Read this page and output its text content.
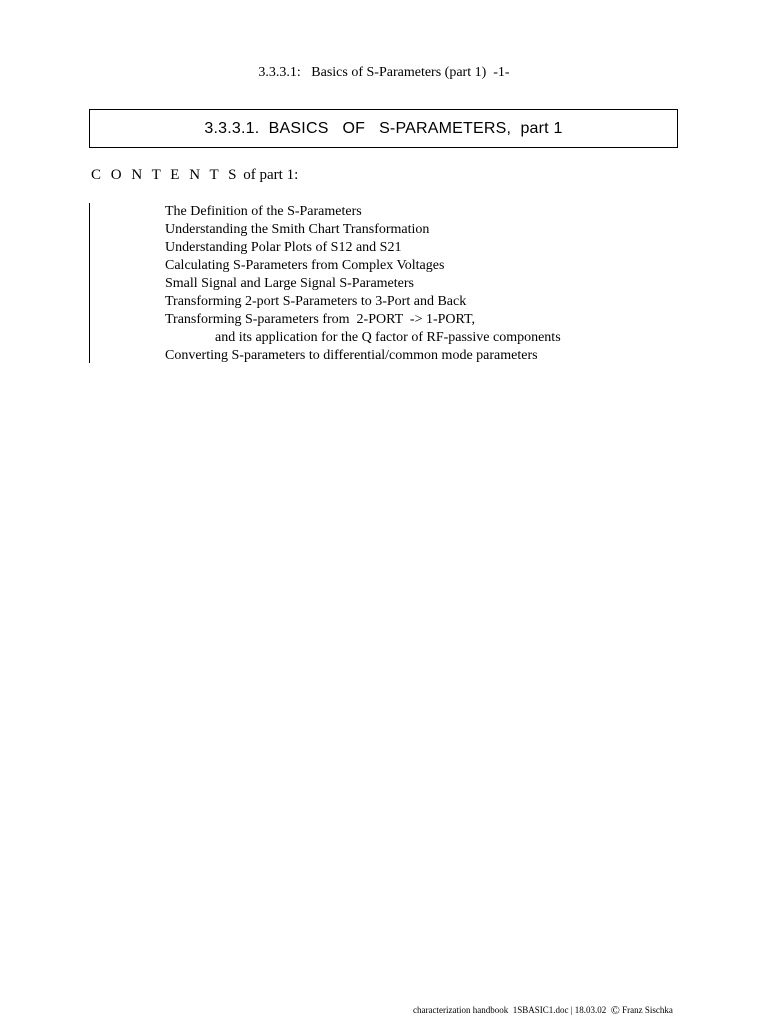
3.3.3.1:   Basics of S-Parameters (part 1)  -1-
3.3.3.1.  BASICS   OF   S-PARAMETERS,  part 1
C O N T E N T S of part 1:
The Definition of the S-Parameters
Understanding the Smith Chart Transformation
Understanding Polar Plots of S12 and S21
Calculating S-Parameters from Complex Voltages
Small Signal and Large Signal S-Parameters
Transforming 2-port S-Parameters to 3-Port and Back
Transforming S-parameters from  2-PORT  -> 1-PORT,
and its application for the Q factor of RF-passive components
Converting S-parameters to differential/common mode parameters
characterization handbook  1SBASIC1.doc | 18.03.02 © Franz Sischka
